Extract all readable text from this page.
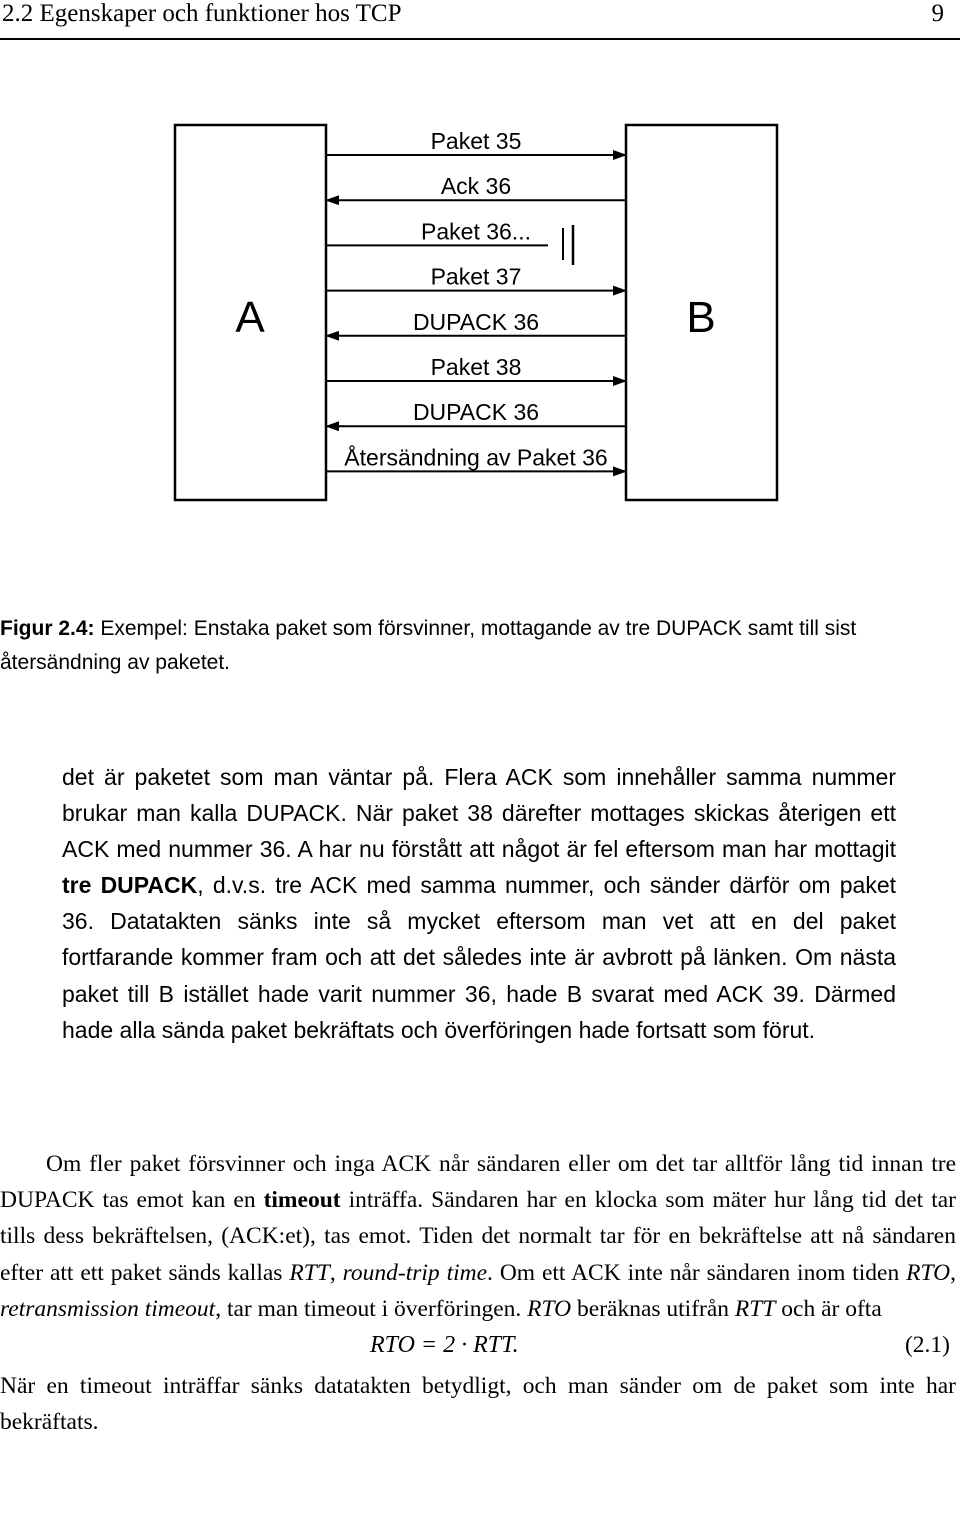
2.2 Egenskaper och funktioner hos TCP	9
A	B
Paket 35
Ack 36
Paket 36...
Paket 37
DUPACK 36
Paket 38
DUPACK 36
Återsändning av Paket 36
Figur 2.4: Exempel: Enstaka paket som försvinner, mottagande av tre DUPACK samt till sist återsändning av paketet.
det är paketet som man väntar på. Flera ACK som innehåller samma nummer brukar man kalla DUPACK. När paket 38 därefter mottages skickas återigen ett ACK med nummer 36. A har nu förstått att något är fel eftersom man har mottagit tre DUPACK, d.v.s. tre ACK med samma nummer, och sänder därför om paket 36. Datatakten sänks inte så mycket eftersom man vet att en del paket fortfarande kommer fram och att det således inte är avbrott på länken. Om nästa paket till B istället hade varit nummer 36, hade B svarat med ACK 39. Därmed hade alla sända paket bekräftats och överföringen hade fortsatt som förut.

Om fler paket försvinner och inga ACK når sändaren eller om det tar alltför lång tid innan tre DUPACK tas emot kan en timeout inträffa. Sändaren har en klocka som mäter hur lång tid det tar tills dess bekräftelsen, (ACK:et), tas emot. Tiden det normalt tar för en bekräftelse att nå sändaren efter att ett paket sänds kallas RTT, round-trip time. Om ett ACK inte når sändaren inom tiden RTO, retransmission timeout, tar man timeout i överföringen. RTO beräknas utifrån RTT och är ofta

RTO = 2 · RTT.	(2.1)

När en timeout inträffar sänks datatakten betydligt, och man sänder om de paket som inte har bekräftats.
